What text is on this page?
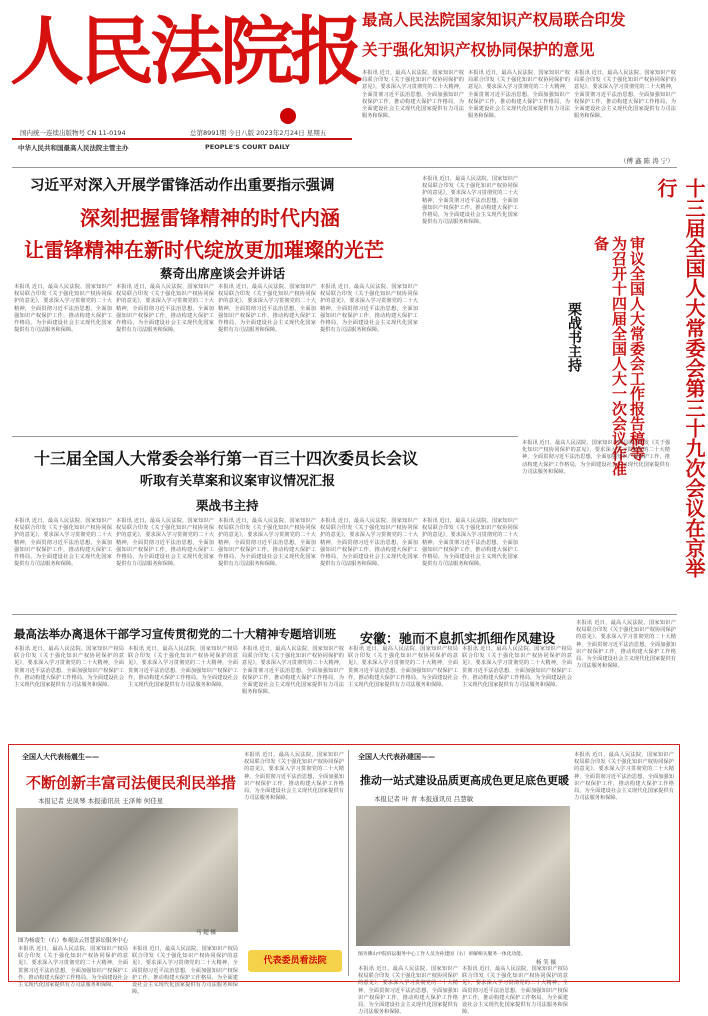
人民法院报
总第8991期 今日八版 2023年2月24日 星期五
国内统一连续出版物号 CN 11-0194
中华人民共和国最高人民法院主管主办	PEOPLE'S COURT DAILY
最高人民法院国家知识产权局联合印发
关于强化知识产权协同保护的意见
本报讯 近日，最高人民法院、国家知识产权局联合印发《关于强化知识产权协同保护的意见》，要求深入学习贯彻党的二十大精神，全面贯彻习近平法治思想，全面加强知识产权保护工作，推动构建大保护工作格局，为全面建设社会主义现代化国家提供有力司法服务和保障。
本报讯 近日，最高人民法院、国家知识产权局联合印发《关于强化知识产权协同保护的意见》，要求深入学习贯彻党的二十大精神，全面贯彻习近平法治思想，全面加强知识产权保护工作，推动构建大保护工作格局，为全面建设社会主义现代化国家提供有力司法服务和保障。
本报讯 近日，最高人民法院、国家知识产权局联合印发《关于强化知识产权协同保护的意见》，要求深入学习贯彻党的二十大精神，全面贯彻习近平法治思想，全面加强知识产权保护工作，推动构建大保护工作格局，为全面建设社会主义现代化国家提供有力司法服务和保障。
（傅 鑫 陈 涛 宁）
习近平对深入开展学雷锋活动作出重要指示强调
深刻把握雷锋精神的时代内涵
让雷锋精神在新时代绽放更加璀璨的光芒
蔡奇出席座谈会并讲话
本报讯 近日，最高人民法院、国家知识产权局联合印发《关于强化知识产权协同保护的意见》，要求深入学习贯彻党的二十大精神，全面贯彻习近平法治思想，全面加强知识产权保护工作，推动构建大保护工作格局，为全面建设社会主义现代化国家提供有力司法服务和保障。
本报讯 近日，最高人民法院、国家知识产权局联合印发《关于强化知识产权协同保护的意见》，要求深入学习贯彻党的二十大精神，全面贯彻习近平法治思想，全面加强知识产权保护工作，推动构建大保护工作格局，为全面建设社会主义现代化国家提供有力司法服务和保障。
本报讯 近日，最高人民法院、国家知识产权局联合印发《关于强化知识产权协同保护的意见》，要求深入学习贯彻党的二十大精神，全面贯彻习近平法治思想，全面加强知识产权保护工作，推动构建大保护工作格局，为全面建设社会主义现代化国家提供有力司法服务和保障。
本报讯 近日，最高人民法院、国家知识产权局联合印发《关于强化知识产权协同保护的意见》，要求深入学习贯彻党的二十大精神，全面贯彻习近平法治思想，全面加强知识产权保护工作，推动构建大保护工作格局，为全面建设社会主义现代化国家提供有力司法服务和保障。
本报讯 近日，最高人民法院、国家知识产权局联合印发《关于强化知识产权协同保护的意见》，要求深入学习贯彻党的二十大精神，全面贯彻习近平法治思想，全面加强知识产权保护工作，推动构建大保护工作格局，为全面建设社会主义现代化国家提供有力司法服务和保障。	十三届全国人大常委会第三十九次会议在京举行
审议全国人大常委会工作报告稿等 为召开十四届全国人大一次会议作准备
栗战书主持
本报讯 近日，最高人民法院、国家知识产权局联合印发《关于强化知识产权协同保护的意见》，要求深入学习贯彻党的二十大精神，全面贯彻习近平法治思想，全面加强知识产权保护工作，推动构建大保护工作格局，为全面建设社会主义现代化国家提供有力司法服务和保障。
十三届全国人大常委会举行第一百三十四次委员长会议
听取有关草案和议案审议情况汇报
栗战书主持
本报讯 近日，最高人民法院、国家知识产权局联合印发《关于强化知识产权协同保护的意见》，要求深入学习贯彻党的二十大精神，全面贯彻习近平法治思想，全面加强知识产权保护工作，推动构建大保护工作格局，为全面建设社会主义现代化国家提供有力司法服务和保障。
本报讯 近日，最高人民法院、国家知识产权局联合印发《关于强化知识产权协同保护的意见》，要求深入学习贯彻党的二十大精神，全面贯彻习近平法治思想，全面加强知识产权保护工作，推动构建大保护工作格局，为全面建设社会主义现代化国家提供有力司法服务和保障。
本报讯 近日，最高人民法院、国家知识产权局联合印发《关于强化知识产权协同保护的意见》，要求深入学习贯彻党的二十大精神，全面贯彻习近平法治思想，全面加强知识产权保护工作，推动构建大保护工作格局，为全面建设社会主义现代化国家提供有力司法服务和保障。
本报讯 近日，最高人民法院、国家知识产权局联合印发《关于强化知识产权协同保护的意见》，要求深入学习贯彻党的二十大精神，全面贯彻习近平法治思想，全面加强知识产权保护工作，推动构建大保护工作格局，为全面建设社会主义现代化国家提供有力司法服务和保障。
本报讯 近日，最高人民法院、国家知识产权局联合印发《关于强化知识产权协同保护的意见》，要求深入学习贯彻党的二十大精神，全面贯彻习近平法治思想，全面加强知识产权保护工作，推动构建大保护工作格局，为全面建设社会主义现代化国家提供有力司法服务和保障。
最高法举办离退休干部学习宣传贯彻党的二十大精神专题培训班
本报讯 近日，最高人民法院、国家知识产权局联合印发《关于强化知识产权协同保护的意见》，要求深入学习贯彻党的二十大精神，全面贯彻习近平法治思想，全面加强知识产权保护工作，推动构建大保护工作格局，为全面建设社会主义现代化国家提供有力司法服务和保障。
本报讯 近日，最高人民法院、国家知识产权局联合印发《关于强化知识产权协同保护的意见》，要求深入学习贯彻党的二十大精神，全面贯彻习近平法治思想，全面加强知识产权保护工作，推动构建大保护工作格局，为全面建设社会主义现代化国家提供有力司法服务和保障。
本报讯 近日，最高人民法院、国家知识产权局联合印发《关于强化知识产权协同保护的意见》，要求深入学习贯彻党的二十大精神，全面贯彻习近平法治思想，全面加强知识产权保护工作，推动构建大保护工作格局，为全面建设社会主义现代化国家提供有力司法服务和保障。
安徽：驰而不息抓实抓细作风建设
本报讯 近日，最高人民法院、国家知识产权局联合印发《关于强化知识产权协同保护的意见》，要求深入学习贯彻党的二十大精神，全面贯彻习近平法治思想，全面加强知识产权保护工作，推动构建大保护工作格局，为全面建设社会主义现代化国家提供有力司法服务和保障。
本报讯 近日，最高人民法院、国家知识产权局联合印发《关于强化知识产权协同保护的意见》，要求深入学习贯彻党的二十大精神，全面贯彻习近平法治思想，全面加强知识产权保护工作，推动构建大保护工作格局，为全面建设社会主义现代化国家提供有力司法服务和保障。
本报讯 近日，最高人民法院、国家知识产权局联合印发《关于强化知识产权协同保护的意见》，要求深入学习贯彻党的二十大精神，全面贯彻习近平法治思想，全面加强知识产权保护工作，推动构建大保护工作格局，为全面建设社会主义现代化国家提供有力司法服务和保障。
全国人大代表杨震生——
不断创新丰富司法便民利民举措
本报记者 史凤琴 本报通讯员 王泽帅 何佳星
图为杨震生（右）参观法云智慧诉讼服务中心
马 超 摄
本报讯 近日，最高人民法院、国家知识产权局联合印发《关于强化知识产权协同保护的意见》，要求深入学习贯彻党的二十大精神，全面贯彻习近平法治思想，全面加强知识产权保护工作，推动构建大保护工作格局，为全面建设社会主义现代化国家提供有力司法服务和保障。
本报讯 近日，最高人民法院、国家知识产权局联合印发《关于强化知识产权协同保护的意见》，要求深入学习贯彻党的二十大精神，全面贯彻习近平法治思想，全面加强知识产权保护工作，推动构建大保护工作格局，为全面建设社会主义现代化国家提供有力司法服务和保障。
本报讯 近日，最高人民法院、国家知识产权局联合印发《关于强化知识产权协同保护的意见》，要求深入学习贯彻党的二十大精神，全面贯彻习近平法治思想，全面加强知识产权保护工作，推动构建大保护工作格局，为全面建设社会主义现代化国家提供有力司法服务和保障。
代表委员看法院
全国人大代表孙建国——
推动一站式建设品质更高成色更足底色更暖
本报记者 叶 青 本报通讯员 吕慧敏
图为佛山中院诉讼服务中心工作人员为孙建国（右）讲解相关服务一体化功能。
杨 笑 摄
本报讯 近日，最高人民法院、国家知识产权局联合印发《关于强化知识产权协同保护的意见》，要求深入学习贯彻党的二十大精神，全面贯彻习近平法治思想，全面加强知识产权保护工作，推动构建大保护工作格局，为全面建设社会主义现代化国家提供有力司法服务和保障。
本报讯 近日，最高人民法院、国家知识产权局联合印发《关于强化知识产权协同保护的意见》，要求深入学习贯彻党的二十大精神，全面贯彻习近平法治思想，全面加强知识产权保护工作，推动构建大保护工作格局，为全面建设社会主义现代化国家提供有力司法服务和保障。
本报讯 近日，最高人民法院、国家知识产权局联合印发《关于强化知识产权协同保护的意见》，要求深入学习贯彻党的二十大精神，全面贯彻习近平法治思想，全面加强知识产权保护工作，推动构建大保护工作格局，为全面建设社会主义现代化国家提供有力司法服务和保障。
